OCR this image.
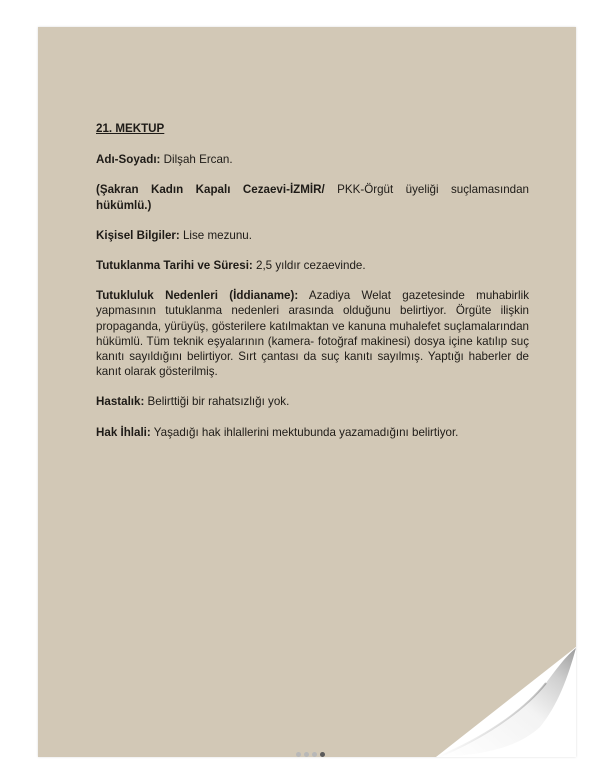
21. MEKTUP

Adı-Soyadı: Dilşah Ercan.

(Şakran Kadın Kapalı Cezaevi-İZMİR/ PKK-Örgüt üyeliği suçlamasından hükümlü.)

Kişisel Bilgiler: Lise mezunu.

Tutuklanma Tarihi ve Süresi: 2,5 yıldır cezaevinde.

Tutukluluk Nedenleri (İddianame): Azadiya Welat gazetesinde muhabirlik yapmasının tutuklanma nedenleri arasında olduğunu belirtiyor. Örgüte ilişkin propaganda, yürüyüş, gösterilere katılmaktan ve kanuna muhalefet suçlamalarından hükümlü. Tüm teknik eşyalarının (kamera- fotoğraf makinesi) dosya içine katılıp suç kanıtı sayıldığını belirtiyor. Sırt çantası da suç kanıtı sayılmış. Yaptığı haberler de kanıt olarak gösterilmiş.

Hastalık: Belirttiği bir rahatsızlığı yok.

Hak İhlali: Yaşadığı hak ihlallerini mektubunda yazamadığını belirtiyor.
